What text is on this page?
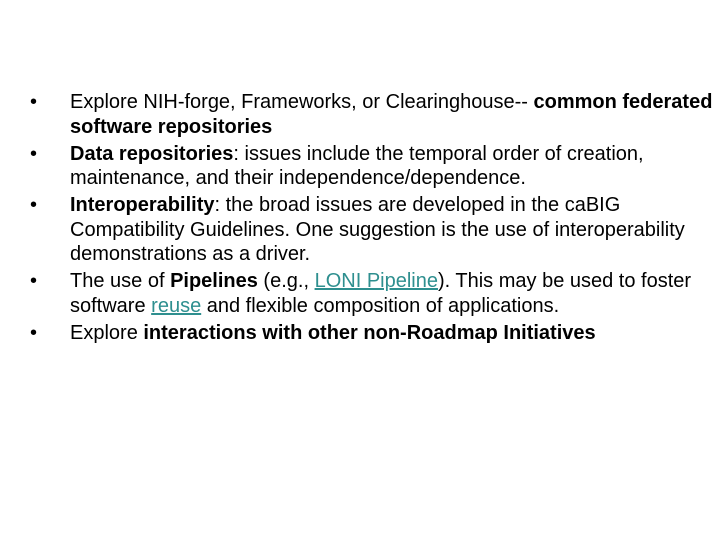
•	Explore NIH-forge, Frameworks, or Clearinghouse-- common federated software repositories
•	Data repositories: issues include the temporal order of creation, maintenance, and their independence/dependence.
•	Interoperability: the broad issues are developed in the caBIG Compatibility Guidelines. One suggestion is the use of interoperability demonstrations as a driver.
•	The use of Pipelines (e.g., LONI Pipeline). This may be used to foster software reuse and flexible composition of applications.
•	Explore interactions with other non-Roadmap Initiatives
